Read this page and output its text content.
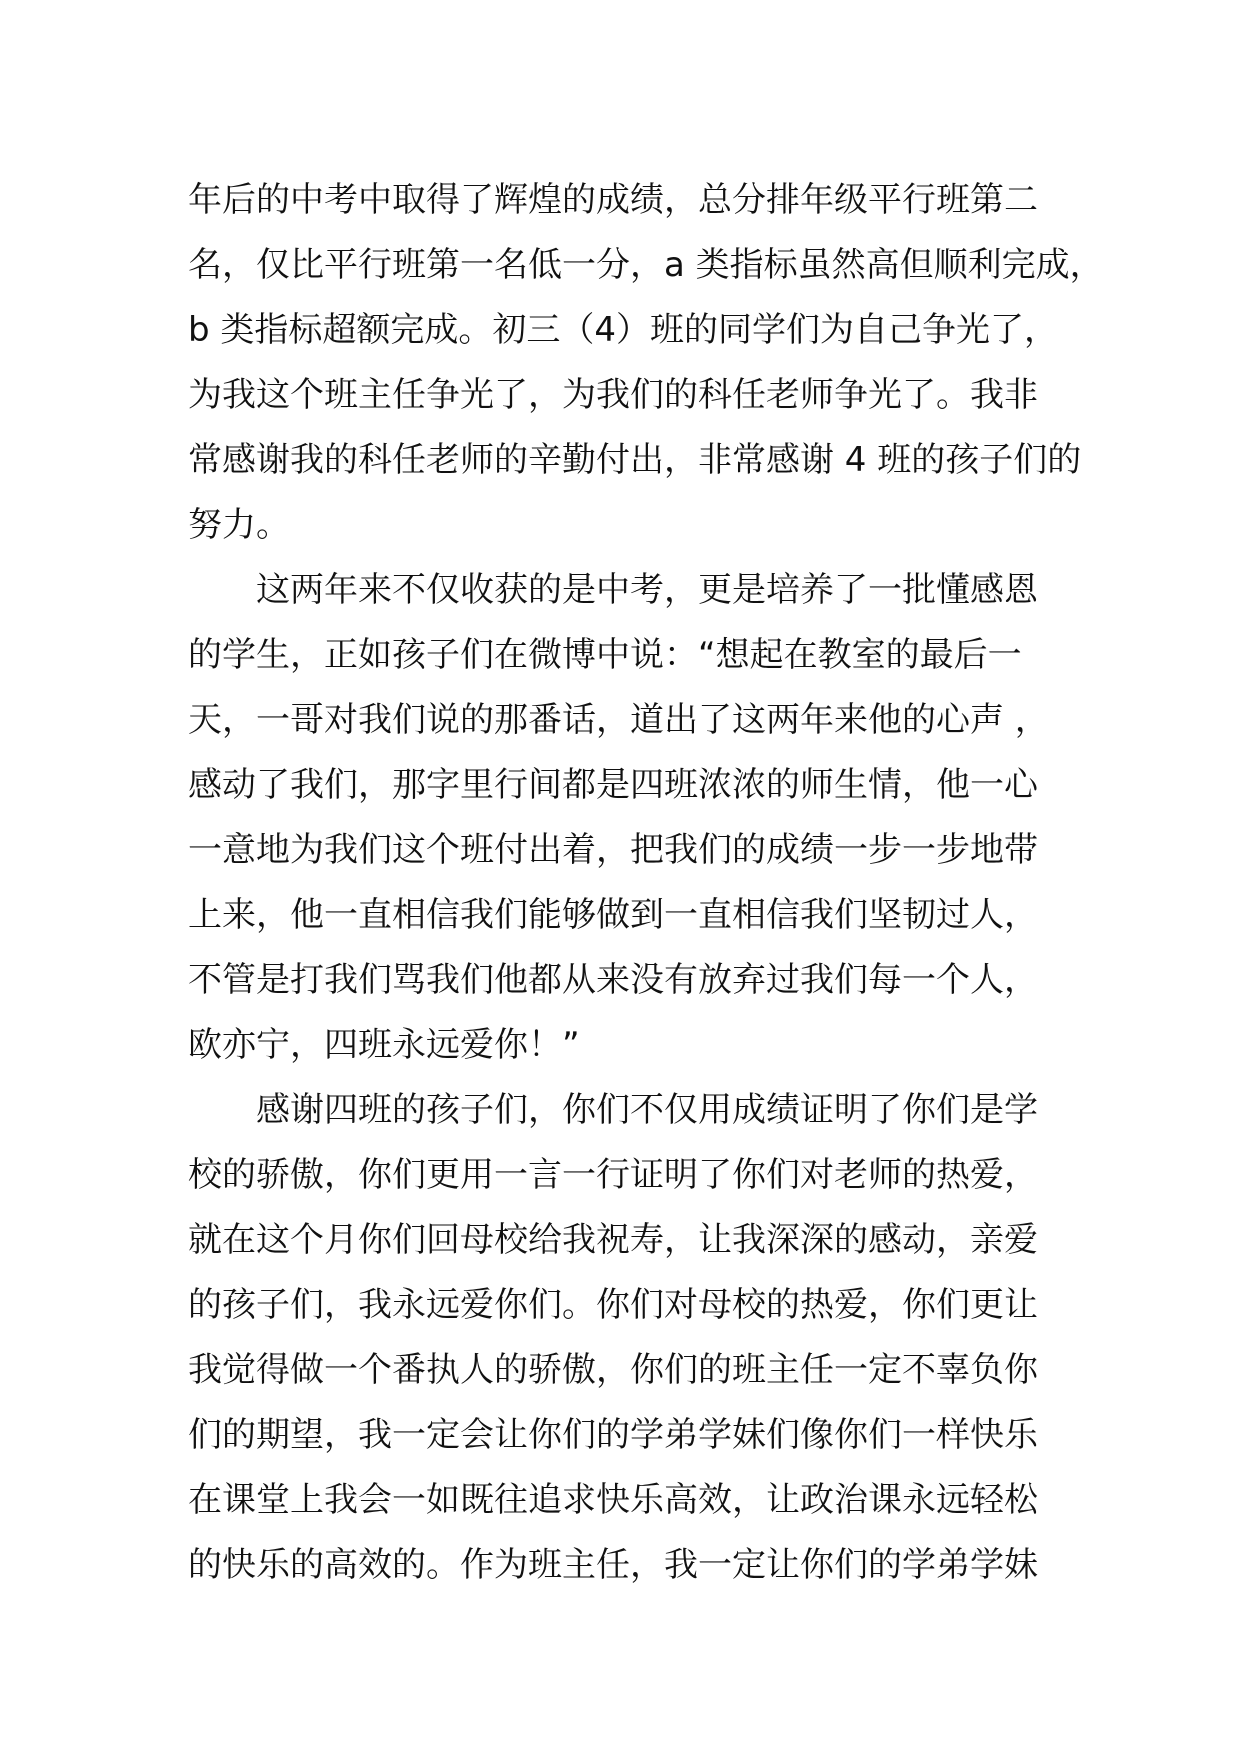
年后的中考中取得了辉煌的成绩，总分排年级平行班第二
名，仅比平行班第一名低一分，a 类指标虽然高但顺利完成，
b 类指标超额完成。初三（4）班的同学们为自己争光了，
为我这个班主任争光了，为我们的科任老师争光了。我非
常感谢我的科任老师的辛勤付出，非常感谢 4 班的孩子们的
努力。
这两年来不仅收获的是中考，更是培养了一批懂感恩
的学生，正如孩子们在微博中说：“想起在教室的最后一
天，一哥对我们说的那番话，道出了这两年来他的心声 ，
感动了我们，那字里行间都是四班浓浓的师生情，他一心
一意地为我们这个班付出着，把我们的成绩一步一步地带
上来，他一直相信我们能够做到一直相信我们坚韧过人，
不管是打我们骂我们他都从来没有放弃过我们每一个人，
欧亦宁，四班永远爱你！”
感谢四班的孩子们，你们不仅用成绩证明了你们是学
校的骄傲，你们更用一言一行证明了你们对老师的热爱，
就在这个月你们回母校给我祝寿，让我深深的感动，亲爱
的孩子们，我永远爱你们。你们对母校的热爱，你们更让
我觉得做一个番执人的骄傲，你们的班主任一定不辜负你
们的期望，我一定会让你们的学弟学妹们像你们一样快乐
在课堂上我会一如既往追求快乐高效，让政治课永远轻松
的快乐的高效的。作为班主任，我一定让你们的学弟学妹
